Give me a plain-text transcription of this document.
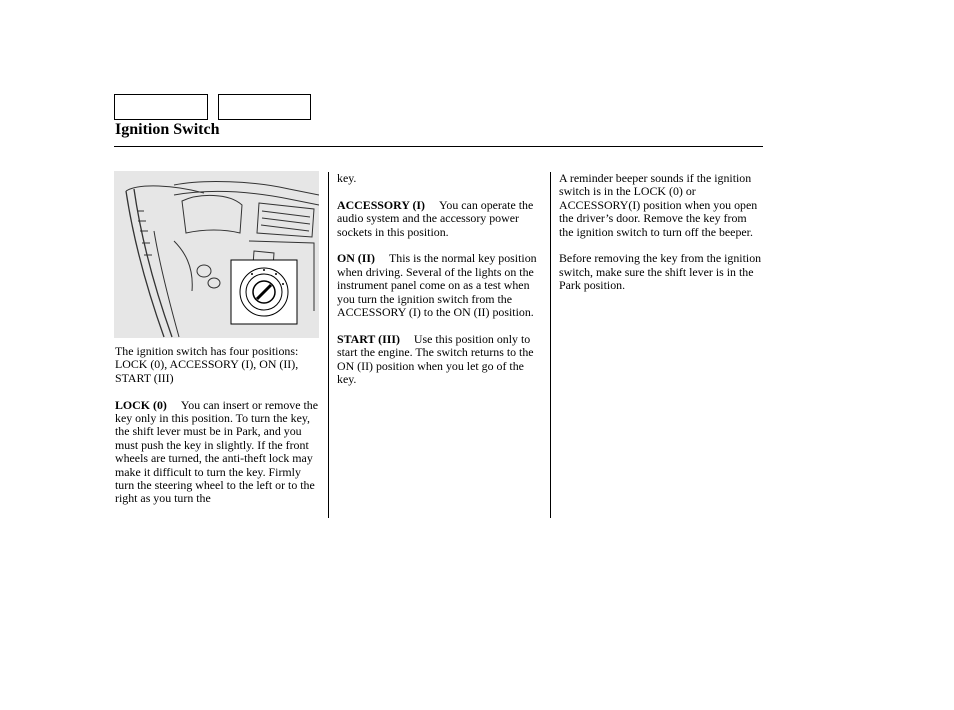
Ignition Switch

The ignition switch has four positions: LOCK (0), ACCESSORY (I), ON (II), START (III)

LOCK (0) You can insert or remove the key only in this position. To turn the key, the shift lever must be in Park, and you must push the key in slightly. If the front wheels are turned, the anti-theft lock may make it difficult to turn the key. Firmly turn the steering wheel to the left or to the right as you turn the

key.

ACCESSORY (I) You can operate the audio system and the accessory power sockets in this position.

ON (II) This is the normal key position when driving. Several of the lights on the instrument panel come on as a test when you turn the ignition switch from the ACCESSORY (I) to the ON (II) position.

START (III) Use this position only to start the engine. The switch returns to the ON (II) position when you let go of the key.

A reminder beeper sounds if the ignition switch is in the LOCK (0) or ACCESSORY(I) position when you open the driver’s door. Remove the key from the ignition switch to turn off the beeper.

Before removing the key from the ignition switch, make sure the shift lever is in the Park position.
